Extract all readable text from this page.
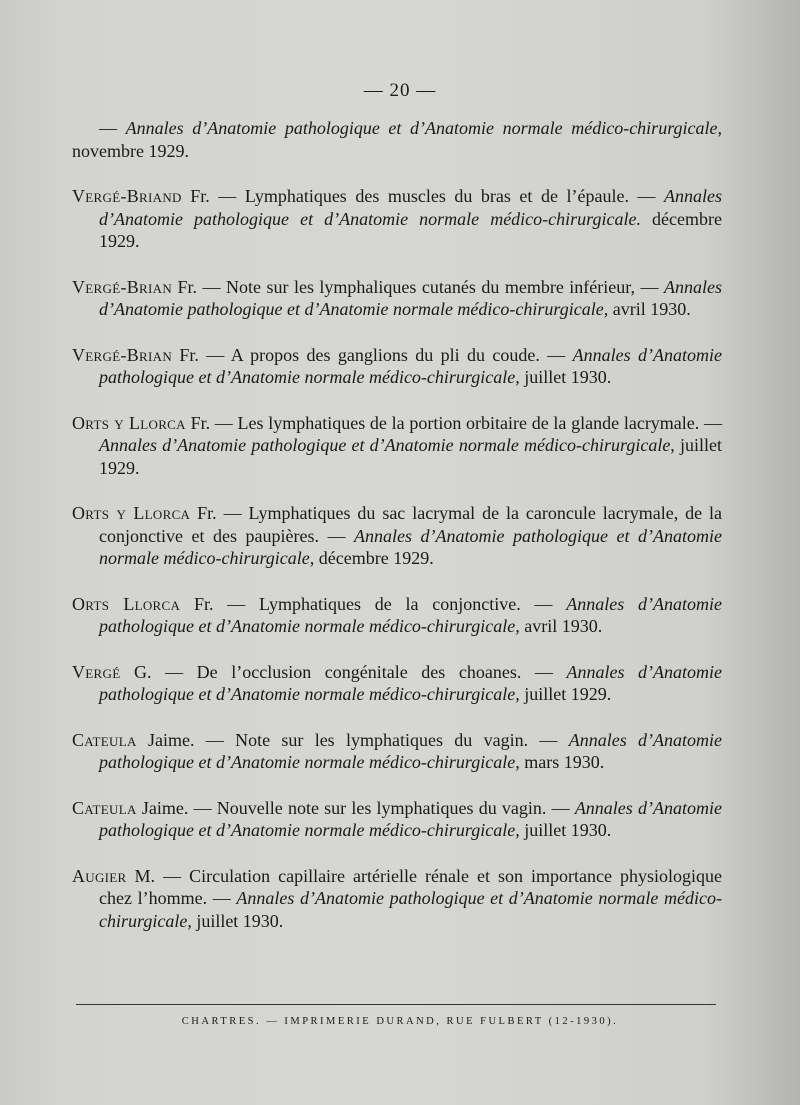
— 20 —

— Annales d’Anatomie pathologique et d’Anatomie normale médico-chirurgicale, novembre 1929.

Vergé-Briand Fr. — Lymphatiques des muscles du bras et de l’épaule. — Annales d’Anatomie pathologique et d’Anatomie normale médico-chirurgicale. décembre 1929.

Vergé-Brian Fr. — Note sur les lymphaliques cutanés du membre inférieur, — Annales d’Anatomie pathologique et d’Anatomie normale médico-chirurgicale, avril 1930.

Vergé-Brian Fr. — A propos des ganglions du pli du coude. — Annales d’Anatomie pathologique et d’Anatomie normale médico-chirurgicale, juillet 1930.

Orts y Llorca Fr. — Les lymphatiques de la portion orbitaire de la glande lacrymale. — Annales d’Anatomie pathologique et d’Anatomie normale médico-chirurgicale, juillet 1929.

Orts y Llorca Fr. — Lymphatiques du sac lacrymal de la caroncule lacrymale, de la conjonctive et des paupières. — Annales d’Anatomie pathologique et d’Anatomie normale médico-chirurgicale, décembre 1929.

Orts Llorca Fr. — Lymphatiques de la conjonctive. — Annales d’Anatomie pathologique et d’Anatomie normale médico-chirurgicale, avril 1930.

Vergé G. — De l’occlusion congénitale des choanes. — Annales d’Anatomie pathologique et d’Anatomie normale médico-chirurgicale, juillet 1929.

Cateula Jaime. — Note sur les lymphatiques du vagin. — Annales d’Anatomie pathologique et d’Anatomie normale médico-chirurgicale, mars 1930.

Cateula Jaime. — Nouvelle note sur les lymphatiques du vagin. — Annales d’Anatomie pathologique et d’Anatomie normale médico-chirurgicale, juillet 1930.

Augier M. — Circulation capillaire artérielle rénale et son importance physiologique chez l’homme. — Annales d’Anatomie pathologique et d’Anatomie normale médico-chirurgicale, juillet 1930.

CHARTRES. — IMPRIMERIE DURAND, RUE FULBERT (12-1930).
